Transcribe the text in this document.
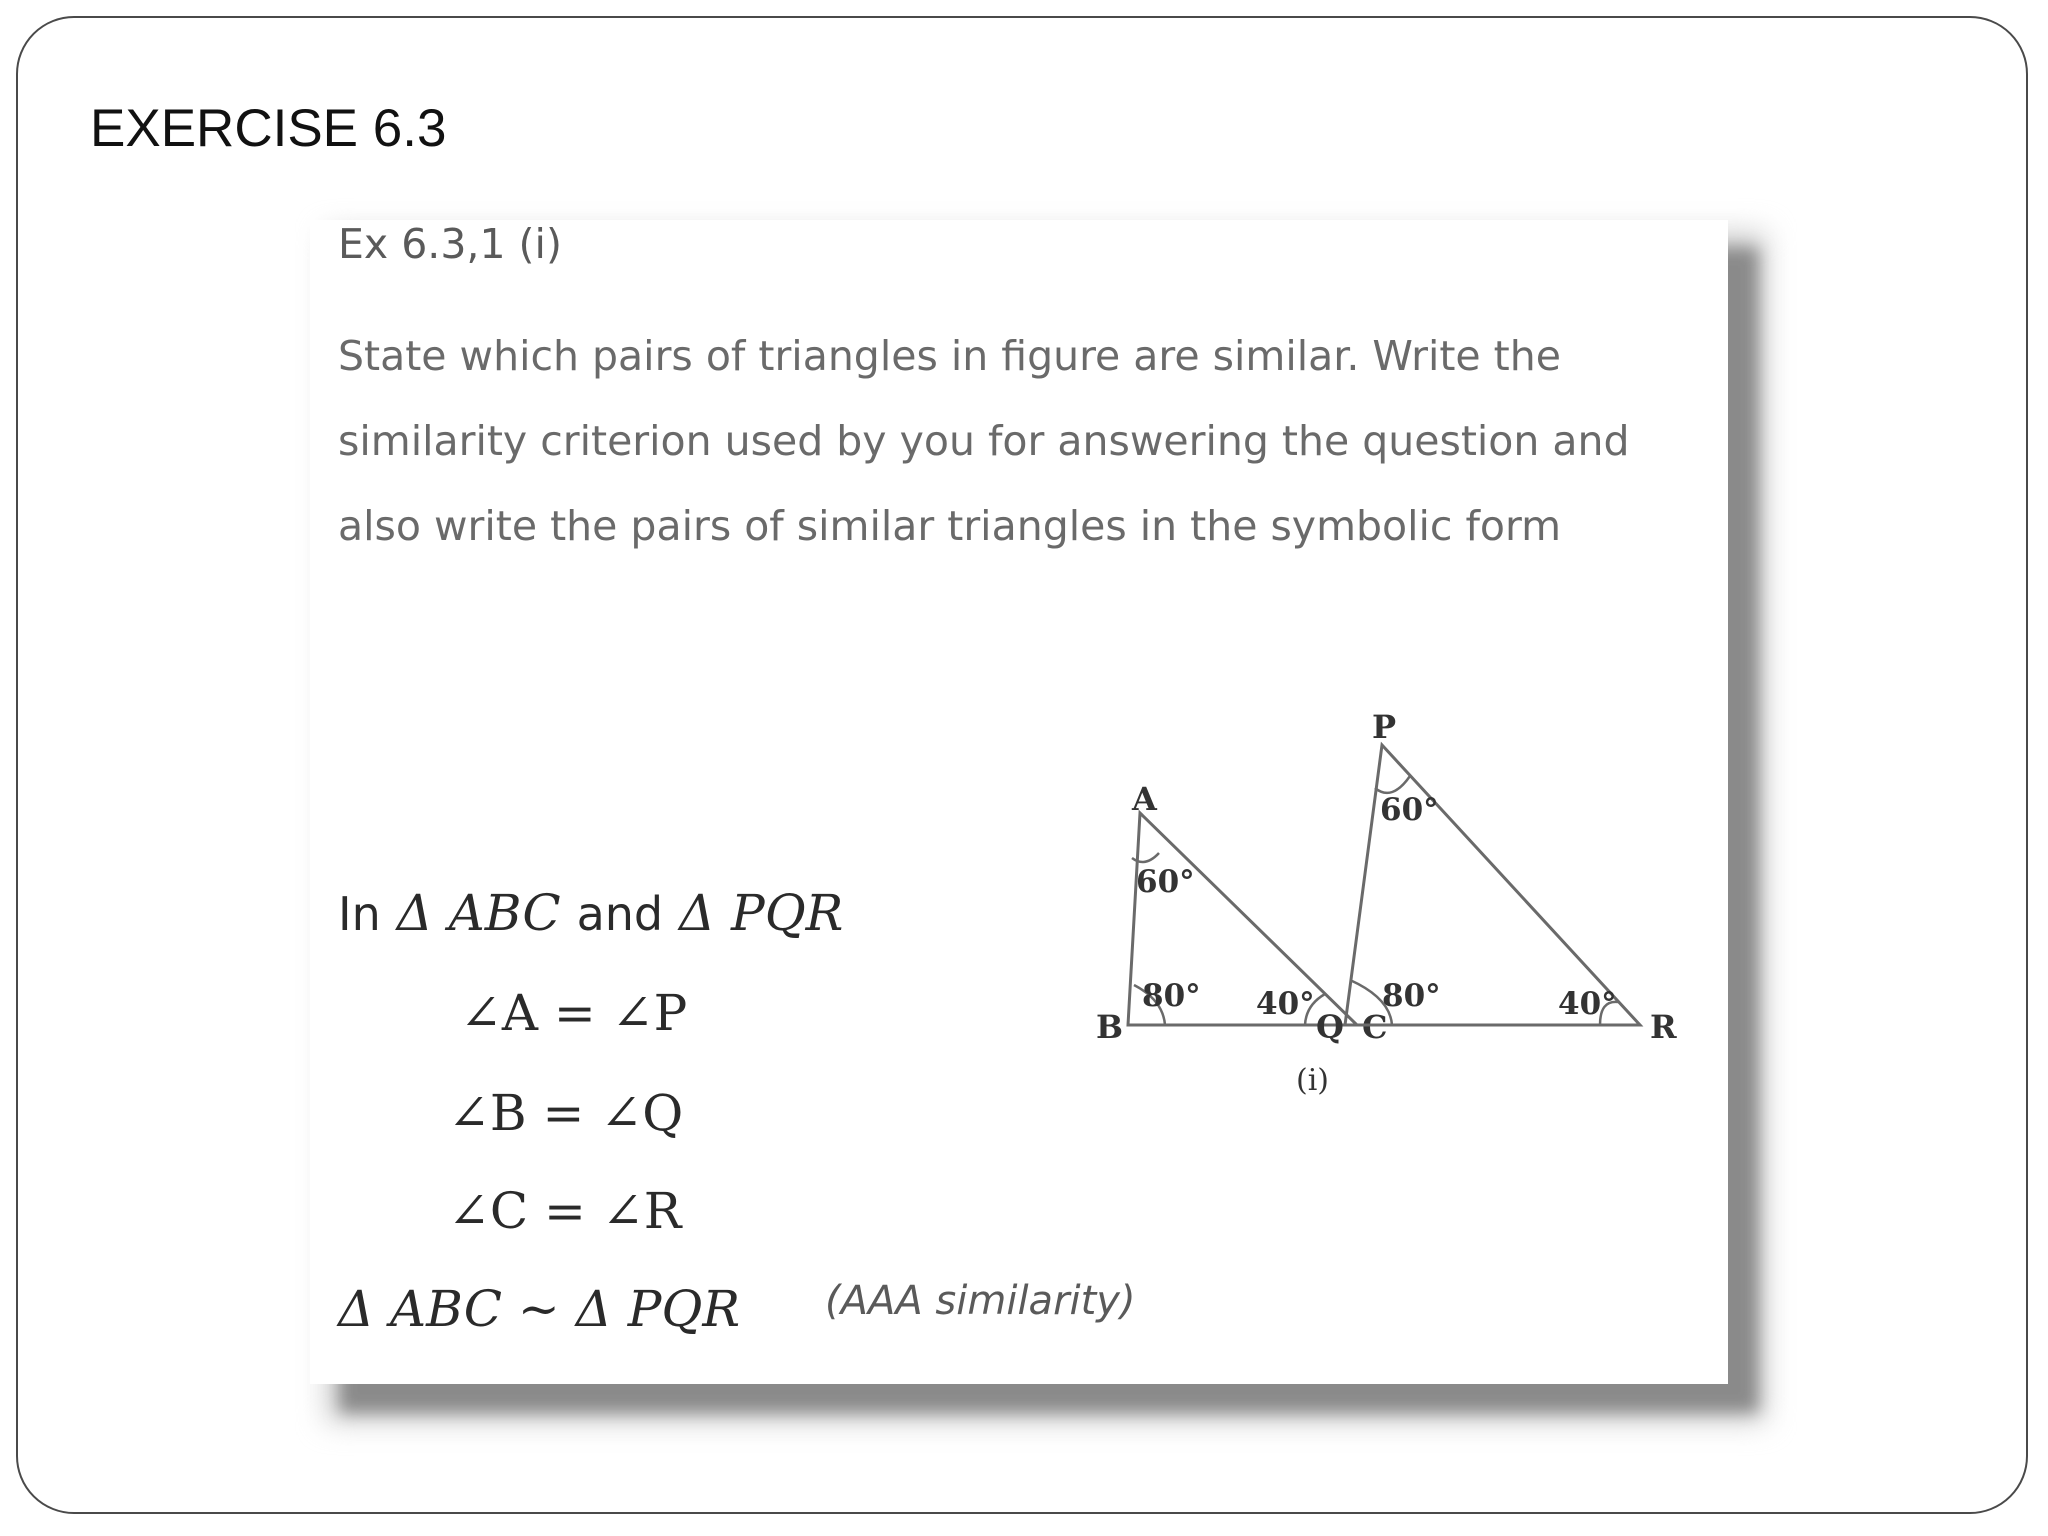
EXERCISE 6.3
Ex 6.3,1 (i)
State which pairs of triangles in figure are similar. Write the
similarity criterion used by you for answering the question and
also write the pairs of similar triangles in the symbolic form
In Δ ABC and Δ PQR
∠A = ∠P
∠B = ∠Q
∠C = ∠R
Δ ABC ~ Δ PQR (AAA similarity)
A
B	C
60°
80° 40°
P
Q	R
60°
80°	40°
(i)
